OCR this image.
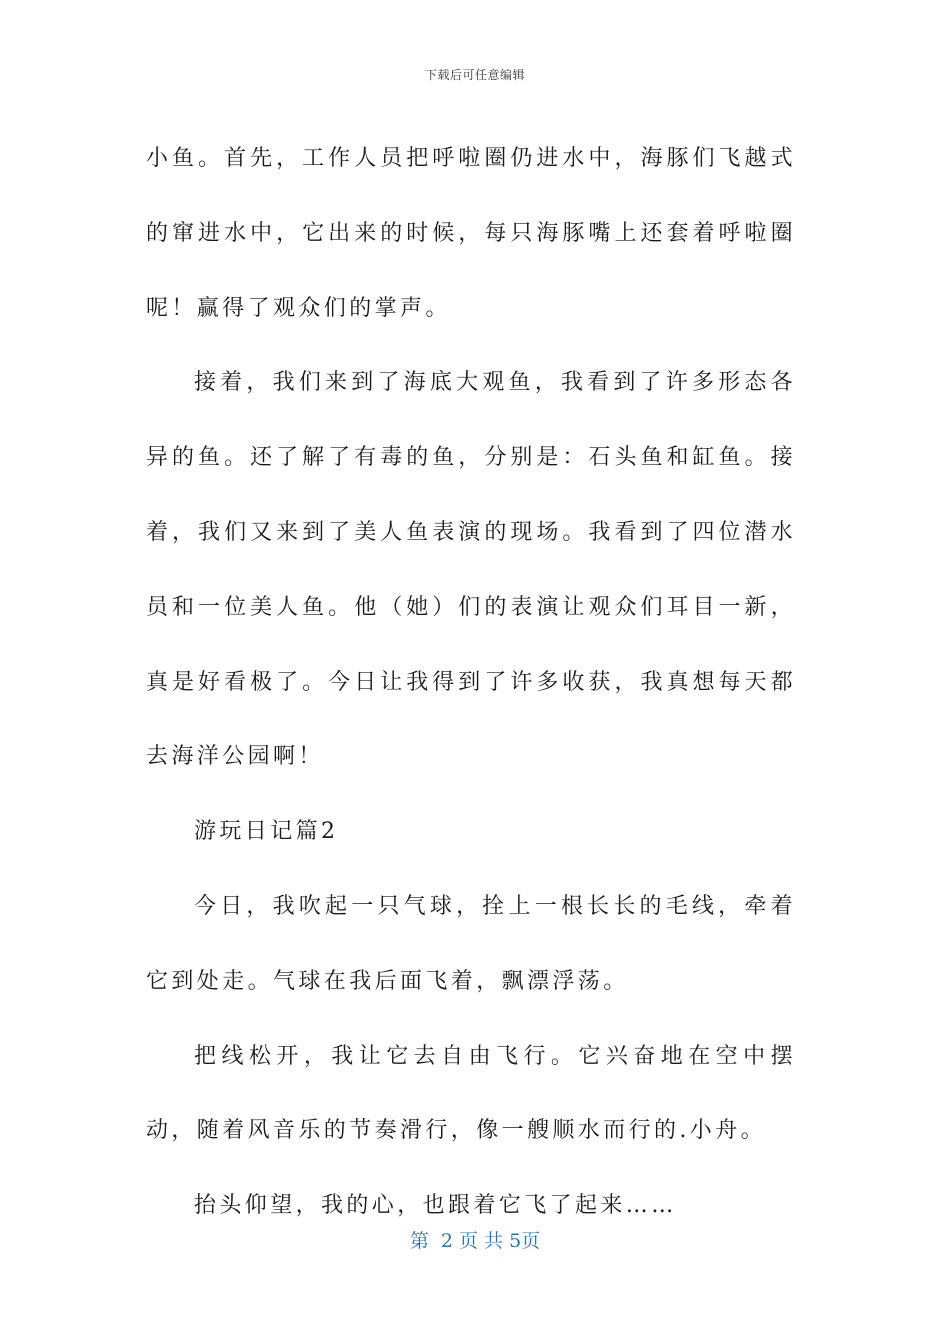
下载后可任意编辑

小鱼。首先，工作人员把呼啦圈仍进水中，海豚们飞越式的窜进水中，它出来的时候，每只海豚嘴上还套着呼啦圈呢！赢得了观众们的掌声。

接着，我们来到了海底大观鱼，我看到了许多形态各异的鱼。还了解了有毒的鱼，分别是：石头鱼和缸鱼。接着，我们又来到了美人鱼表演的现场。我看到了四位潜水员和一位美人鱼。他（她）们的表演让观众们耳目一新，真是好看极了。今日让我得到了许多收获，我真想每天都去海洋公园啊！

游玩日记篇2

今日，我吹起一只气球，拴上一根长长的毛线，牵着它到处走。气球在我后面飞着，飘漂浮荡。

把线松开，我让它去自由飞行。它兴奋地在空中摆动，随着风音乐的节奏滑行，像一艘顺水而行的.小舟。

抬头仰望，我的心，也跟着它飞了起来……

第  2 页 共 5页
